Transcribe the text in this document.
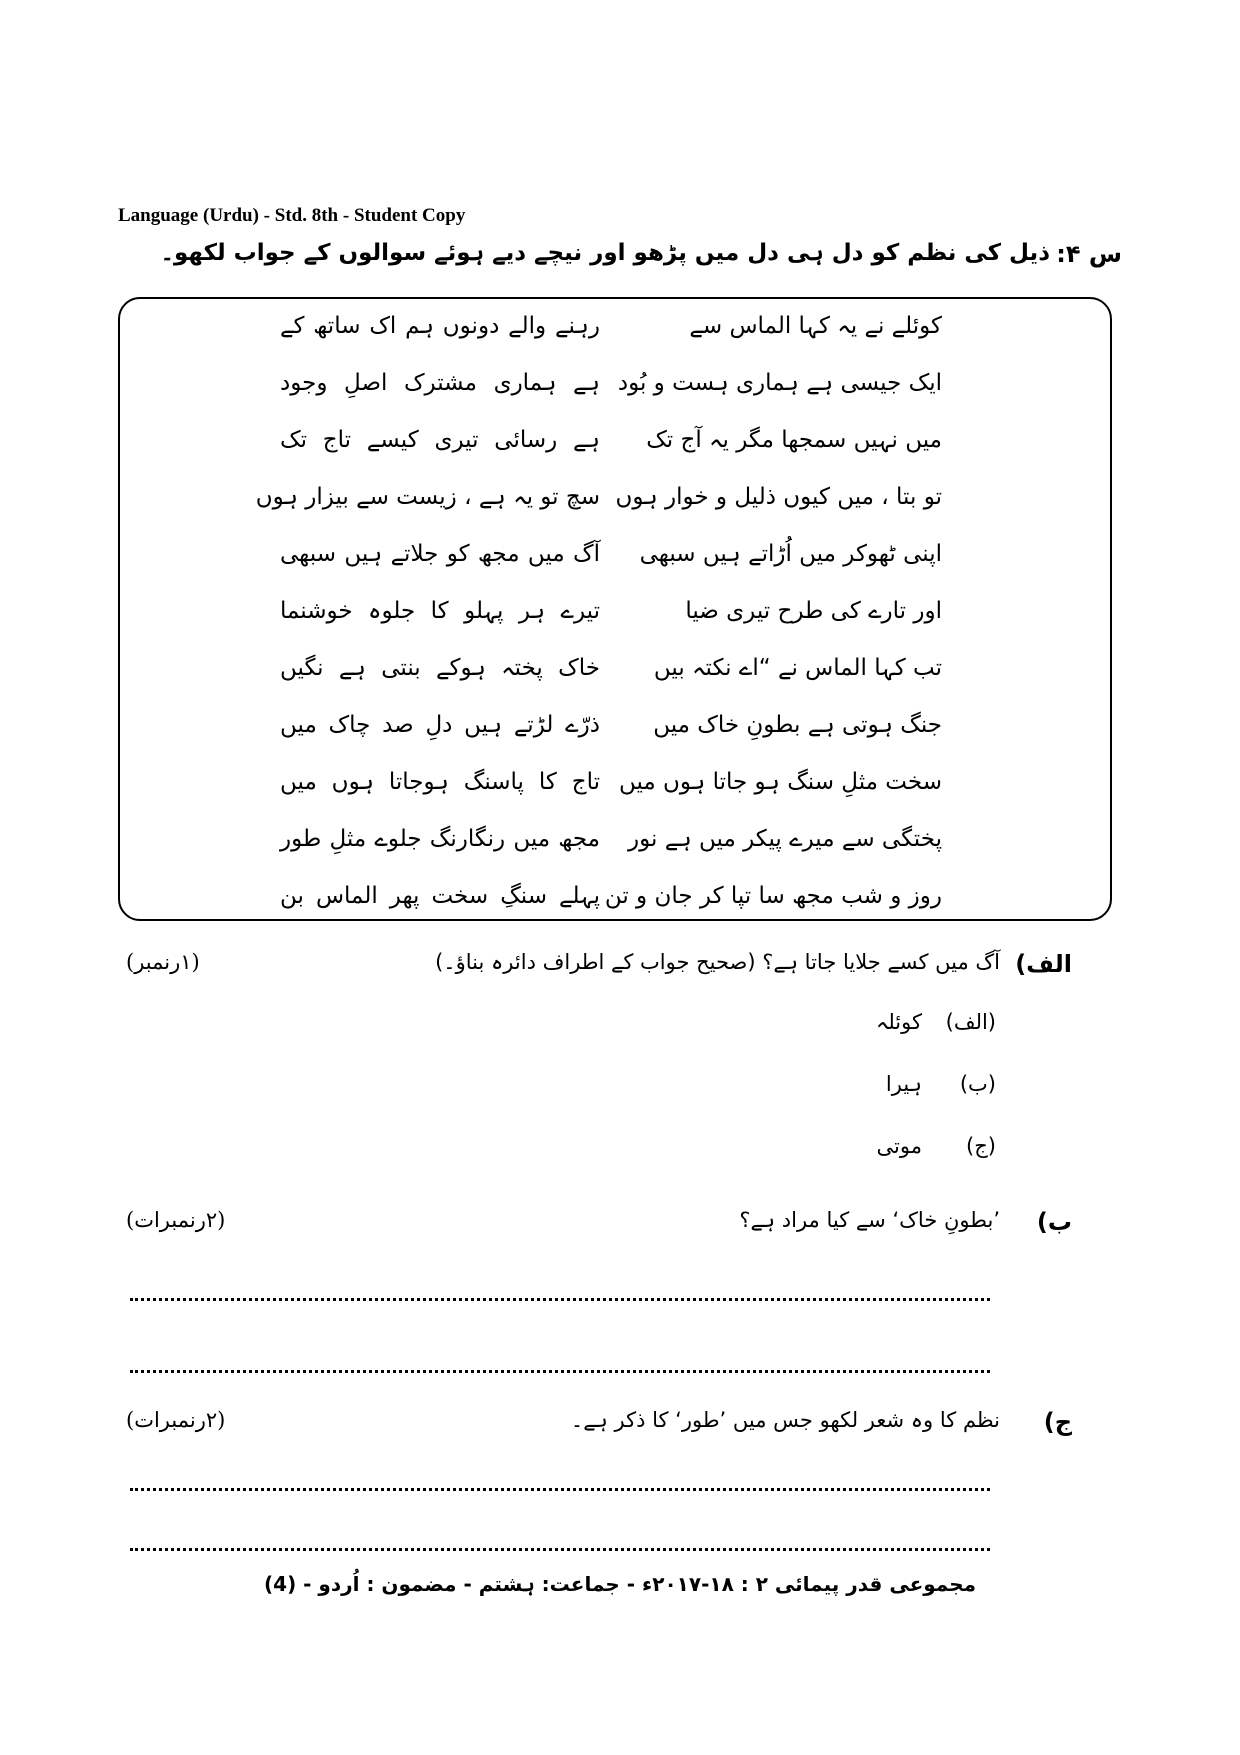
Language (Urdu) - Std. 8th - Student Copy
س ۴:
ذیل کی نظم کو دل ہی دل میں پڑھو اور نیچے دیے ہوئے سوالوں کے جواب لکھو۔
کوئلے نے یہ کہا الماس سے
رہنے والے دونوں ہم اک ساتھ کے
ایک جیسی ہے ہماری ہست و بُود
ہے ہماری مشترک اصلِ وجود
میں نہیں سمجھا مگر یہ آج تک
ہے رسائی تیری کیسے تاج تک
تو بتا ، میں کیوں ذلیل و خوار ہوں
سچ تو یہ ہے ، زیست سے بیزار ہوں
اپنی ٹھوکر میں اُڑاتے ہیں سبھی
آگ میں مجھ کو جلاتے ہیں سبھی
اور تارے کی طرح تیری ضیا
تیرے ہر پہلو کا جلوہ خوشنما
تب کہا الماس نے “اے نکتہ بیں
خاک پختہ ہوکے بنتی ہے نگیں
جنگ ہوتی ہے بطونِ خاک میں
ذرّے لڑتے ہیں دلِ صد چاک میں
سخت مثلِ سنگ ہو جاتا ہوں میں
تاج کا پاسنگ ہوجاتا ہوں میں
پختگی سے میرے پیکر میں ہے نور
مجھ میں رنگارنگ جلوے مثلِ طور
روز و شب مجھ سا تپا کر جان و تن
پہلے سنگِ سخت پھر الماس بن
الف)
آگ میں کسے جلایا جاتا ہے؟ (صحیح جواب کے اطراف دائرہ بناؤ۔)
(۱رنمبر)
(الف)
کوئلہ
(ب)
ہیرا
(ج)
موتی
ب)
’بطونِ خاک‘ سے کیا مراد ہے؟
(۲رنمبرات)
ج)
نظم کا وہ شعر لکھو جس میں ’طور‘ کا ذکر ہے۔
(۲رنمبرات)
مجموعی قدر پیمائی ۲ : ۱۸-۲۰۱۷ء - جماعت: ہشتم - مضمون : اُردو - (4)
